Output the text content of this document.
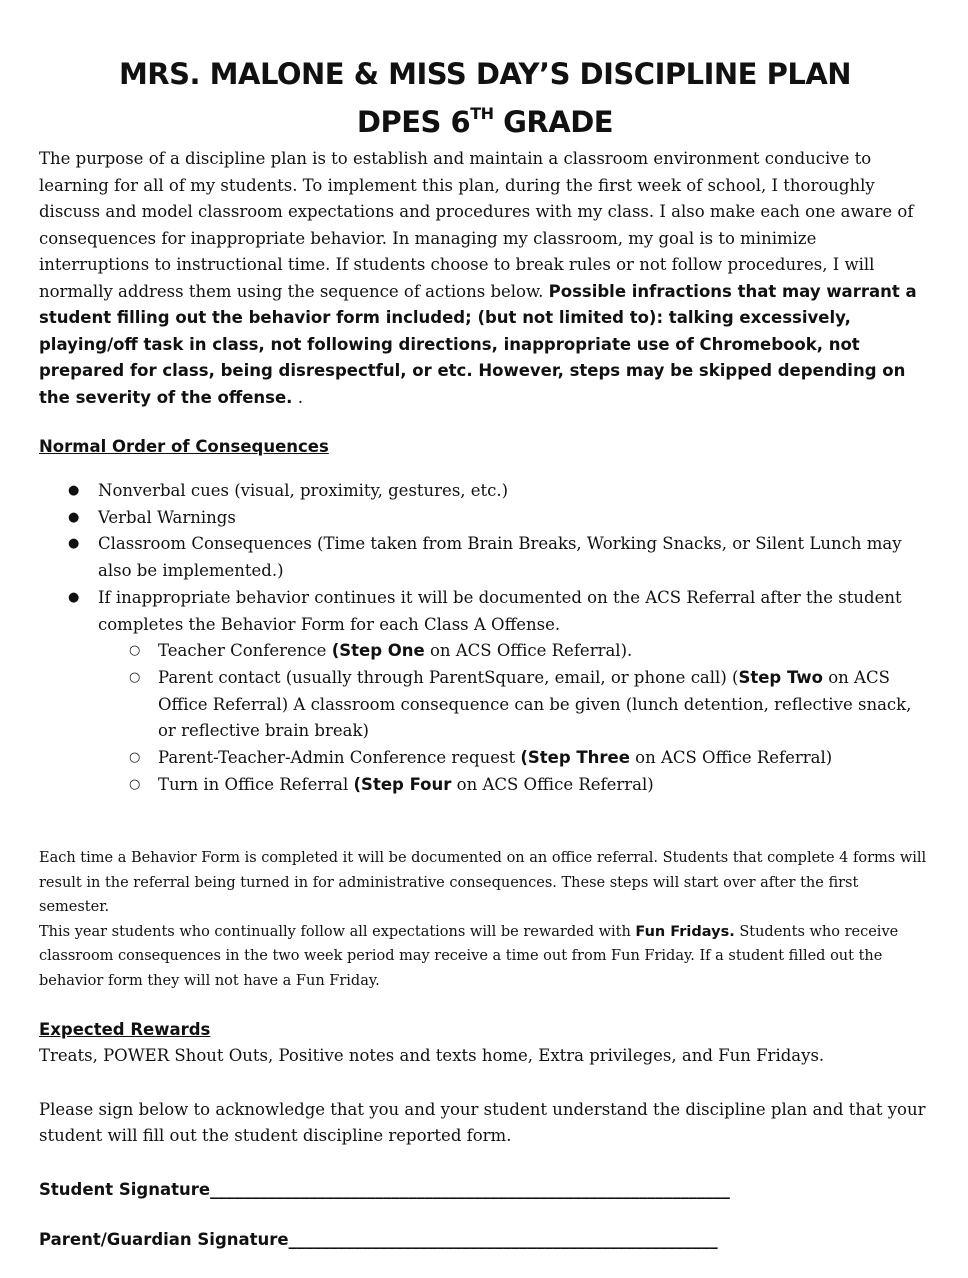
MRS. MALONE & MISS DAY’S DISCIPLINE PLAN
DPES 6TH GRADE

The purpose of a discipline plan is to establish and maintain a classroom environment conducive to learning for all of my students. To implement this plan, during the first week of school, I thoroughly discuss and model classroom expectations and procedures with my class. I also make each one aware of consequences for inappropriate behavior. In managing my classroom, my goal is to minimize interruptions to instructional time. If students choose to break rules or not follow procedures, I will normally address them using the sequence of actions below. Possible infractions that may warrant a student filling out the behavior form included; (but not limited to): talking excessively, playing/off task in class, not following directions, inappropriate use of Chromebook, not prepared for class, being disrespectful, or etc. However, steps may be skipped depending on the severity of the offense. .

Normal Order of Consequences
● Nonverbal cues (visual, proximity, gestures, etc.)
● Verbal Warnings
● Classroom Consequences (Time taken from Brain Breaks, Working Snacks, or Silent Lunch may also be implemented.)
● If inappropriate behavior continues it will be documented on the ACS Referral after the student completes the Behavior Form for each Class A Offense.
○ Teacher Conference (Step One on ACS Office Referral).
○ Parent contact (usually through ParentSquare, email, or phone call) (Step Two on ACS Office Referral) A classroom consequence can be given (lunch detention, reflective snack, or reflective brain break)
○ Parent-Teacher-Admin Conference request (Step Three on ACS Office Referral)
○ Turn in Office Referral (Step Four on ACS Office Referral)

Each time a Behavior Form is completed it will be documented on an office referral. Students that complete 4 forms will result in the referral being turned in for administrative consequences. These steps will start over after the first semester.

This year students who continually follow all expectations will be rewarded with Fun Fridays. Students who receive classroom consequences in the two week period may receive a time out from Fun Friday. If a student filled out the behavior form they will not have a Fun Friday.

Expected Rewards

Treats, POWER Shout Outs, Positive notes and texts home, Extra privileges, and Fun Fridays.

Please sign below to acknowledge that you and your student understand the discipline plan and that your student will fill out the student discipline reported form.

Student Signature_______________________________________________________________

Parent/Guardian Signature____________________________________________________
